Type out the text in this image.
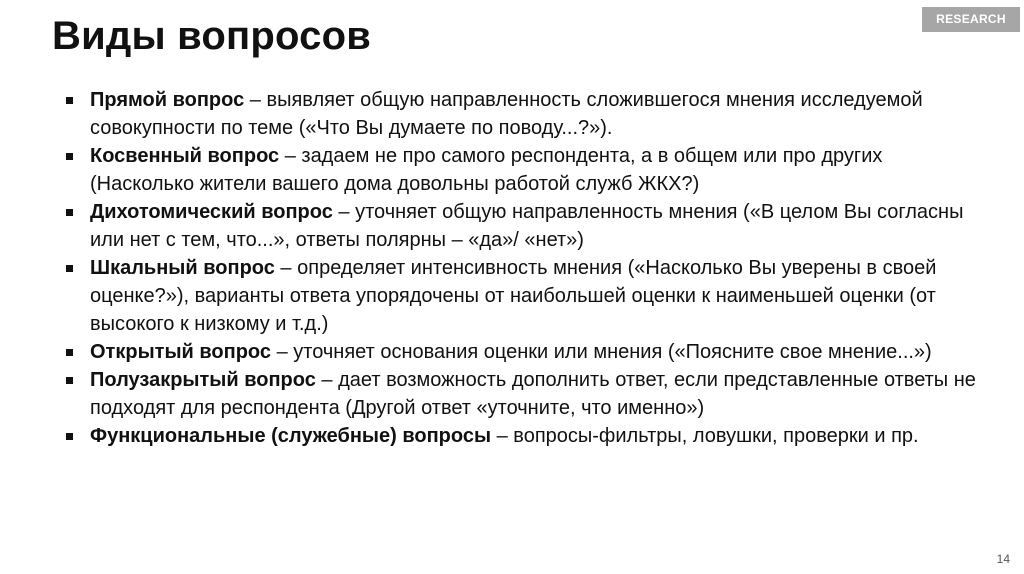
Виды вопросов	RESEARCH
Прямой вопрос – выявляет общую направленность сложившегося мнения исследуемой совокупности по теме («Что Вы думаете по поводу...?»).
Косвенный вопрос – задаем не про самого респондента, а в общем или про других (Насколько жители вашего дома довольны работой служб ЖКХ?)
Дихотомический вопрос – уточняет общую направленность мнения («В целом Вы согласны или нет с тем, что...», ответы полярны – «да»/ «нет»)
Шкальный вопрос – определяет интенсивность мнения («Насколько Вы уверены в своей оценке?»), варианты ответа упорядочены от наибольшей оценки к наименьшей оценки (от высокого к низкому и т.д.)
Открытый вопрос – уточняет основания оценки или мнения («Поясните свое мнение...»)
Полузакрытый вопрос – дает возможность дополнить ответ, если представленные ответы не подходят для респондента (Другой ответ «уточните, что именно»)
Функциональные (служебные) вопросы – вопросы-фильтры, ловушки, проверки и пр.
14
